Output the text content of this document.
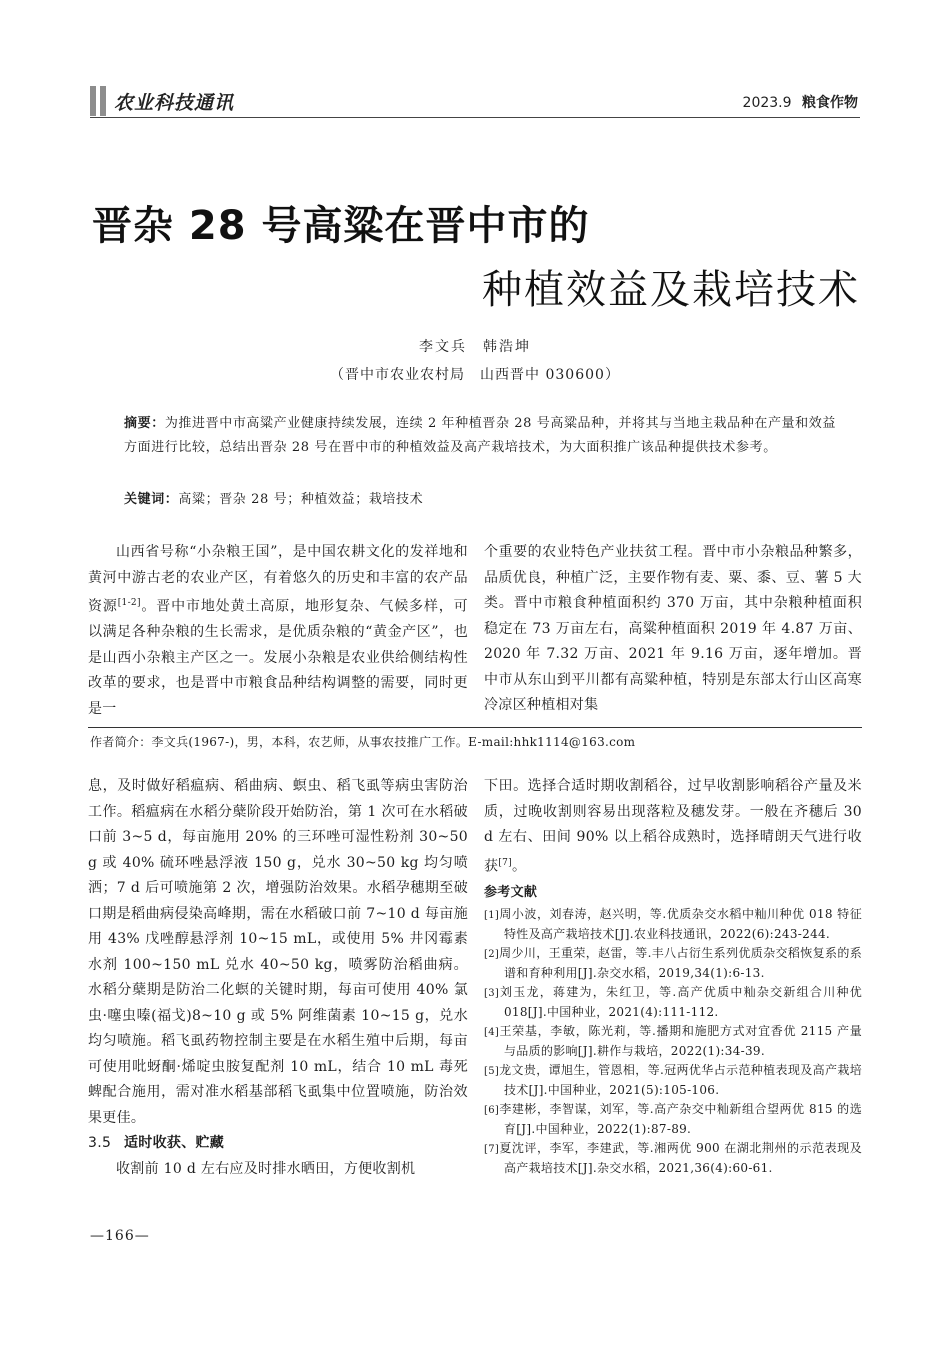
农业科技通讯	2023.9 粮食作物
晋杂 28 号高粱在晋中市的
种植效益及栽培技术
李文兵　韩浩坤
（晋中市农业农村局　山西晋中 030600）
摘要：为推进晋中市高粱产业健康持续发展，连续 2 年种植晋杂 28 号高粱品种，并将其与当地主栽品种在产量和效益方面进行比较，总结出晋杂 28 号在晋中市的种植效益及高产栽培技术，为大面积推广该品种提供技术参考。
关键词：高粱；晋杂 28 号；种植效益；栽培技术

山西省号称“小杂粮王国”，是中国农耕文化的发祥地和黄河中游古老的农业产区，有着悠久的历史和丰富的农产品资源[1-2]。晋中市地处黄土高原，地形复杂、气候多样，可以满足各种杂粮的生长需求，是优质杂粮的“黄金产区”，也是山西小杂粮主产区之一。发展小杂粮是农业供给侧结构性改革的要求，也是晋中市粮食品种结构调整的需要，同时更是一

个重要的农业特色产业扶贫工程。晋中市小杂粮品种繁多，品质优良，种植广泛，主要作物有麦、粟、黍、豆、薯 5 大类。晋中市粮食种植面积约 370 万亩，其中杂粮种植面积稳定在 73 万亩左右，高粱种植面积 2019 年 4.87 万亩、2020 年 7.32 万亩、2021 年 9.16 万亩，逐年增加。晋中市从东山到平川都有高粱种植，特别是东部太行山区高寒冷凉区种植相对集

作者简介：李文兵(1967-)，男，本科，农艺师，从事农技推广工作。E-mail:hhk1114@163.com

息，及时做好稻瘟病、稻曲病、螟虫、稻飞虱等病虫害防治工作。稻瘟病在水稻分蘖阶段开始防治，第 1 次可在水稻破口前 3~5 d，每亩施用 20% 的三环唑可湿性粉剂 30~50 g 或 40% 硫环唑悬浮液 150 g，兑水 30~50 kg 均匀喷洒；7 d 后可喷施第 2 次，增强防治效果。水稻孕穗期至破口期是稻曲病侵染高峰期，需在水稻破口前 7~10 d 每亩施用 43% 戊唑醇悬浮剂 10~15 mL，或使用 5% 井冈霉素水剂 100~150 mL 兑水 40~50 kg，喷雾防治稻曲病。水稻分蘖期是防治二化螟的关键时期，每亩可使用 40% 氯虫·噻虫嗪(福戈)8~10 g 或 5% 阿维菌素 10~15 g，兑水均匀喷施。稻飞虱药物控制主要是在水稻生殖中后期，每亩可使用吡蚜酮·烯啶虫胺复配剂 10 mL，结合 10 mL 毒死蜱配合施用，需对准水稻基部稻飞虱集中位置喷施，防治效果更佳。

3.5 适时收获、贮藏

收割前 10 d 左右应及时排水晒田，方便收割机

下田。选择合适时期收割稻谷，过早收割影响稻谷产量及米质，过晚收割则容易出现落粒及穗发芽。一般在齐穗后 30 d 左右、田间 90% 以上稻谷成熟时，选择晴朗天气进行收获[7]。

参考文献

[1]周小波，刘春涛，赵兴明，等.优质杂交水稻中籼川种优 018 特征特性及高产栽培技术[J].农业科技通讯，2022(6):243-244.

[2]周少川，王重荣，赵雷，等.丰八占衍生系列优质杂交稻恢复系的系谱和育种利用[J].杂交水稻，2019,34(1):6-13.

[3]刘玉龙，蒋建为，朱红卫，等.高产优质中籼杂交新组合川种优 018[J].中国种业，2021(4):111-112.

[4]王荣基，李敏，陈光莉，等.播期和施肥方式对宜香优 2115 产量与品质的影响[J].耕作与栽培，2022(1):34-39.

[5]龙文贵，谭旭生，管恩相，等.冠两优华占示范种植表现及高产栽培技术[J].中国种业，2021(5):105-106.

[6]李建彬，李智谋，刘军，等.高产杂交中籼新组合望两优 815 的选育[J].中国种业，2022(1):87-89.

[7]夏沈评，李军，李建武，等.湘两优 900 在湖北荆州的示范表现及高产栽培技术[J].杂交水稻，2021,36(4):60-61.

—166—
